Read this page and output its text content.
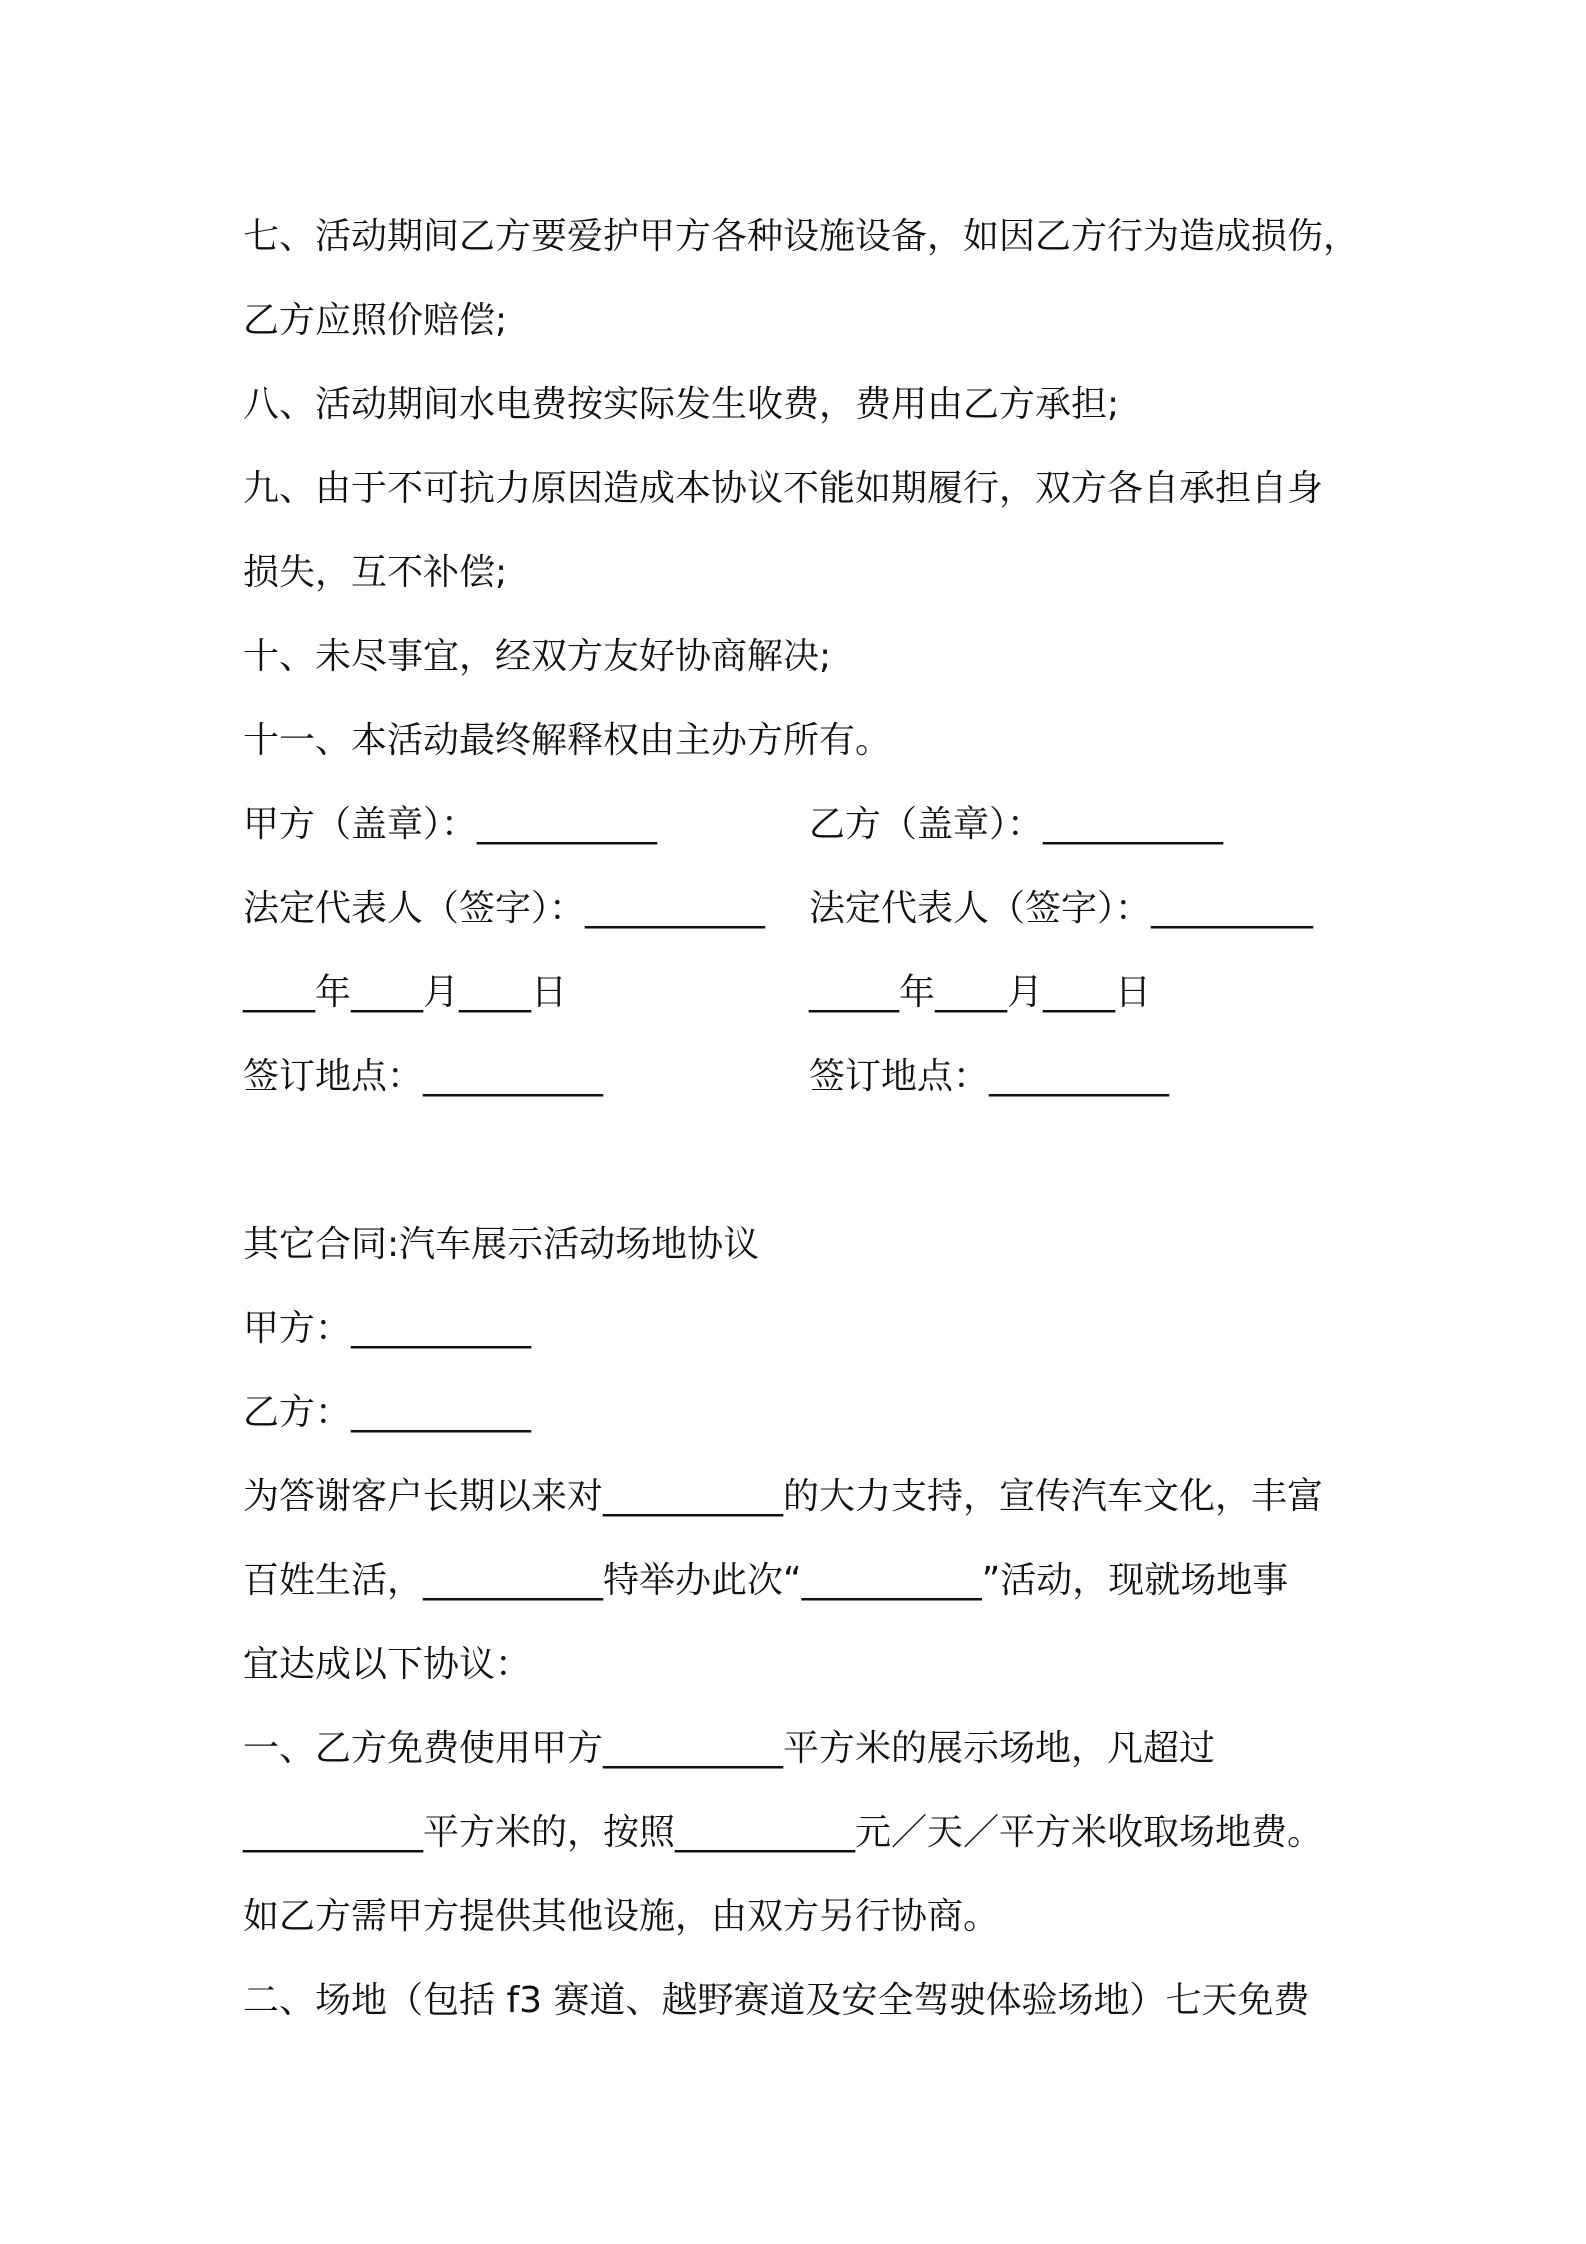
七、活动期间乙方要爱护甲方各种设施设备，如因乙方行为造成损伤，
乙方应照价赔偿;
八、活动期间水电费按实际发生收费，费用由乙方承担;
九、由于不可抗力原因造成本协议不能如期履行，双方各自承担自身
损失，互不补偿;
十、未尽事宜，经双方友好协商解决;
十一、本活动最终解释权由主办方所有。
甲方（盖章）：__________	乙方（盖章）：__________
法定代表人（签字）：__________	法定代表人（签字）：_________
____年____月____日	_____年____月____日
签订地点：__________	签订地点：__________
其它合同:汽车展示活动场地协议
甲方：__________
乙方：__________
为答谢客户长期以来对__________的大力支持，宣传汽车文化，丰富
百姓生活，__________特举办此次“__________”活动，现就场地事
宜达成以下协议：
一、乙方免费使用甲方__________平方米的展示场地，凡超过
__________平方米的，按照__________元／天／平方米收取场地费。
如乙方需甲方提供其他设施，由双方另行协商。
二、场地（包括 f3 赛道、越野赛道及安全驾驶体验场地）七天免费
